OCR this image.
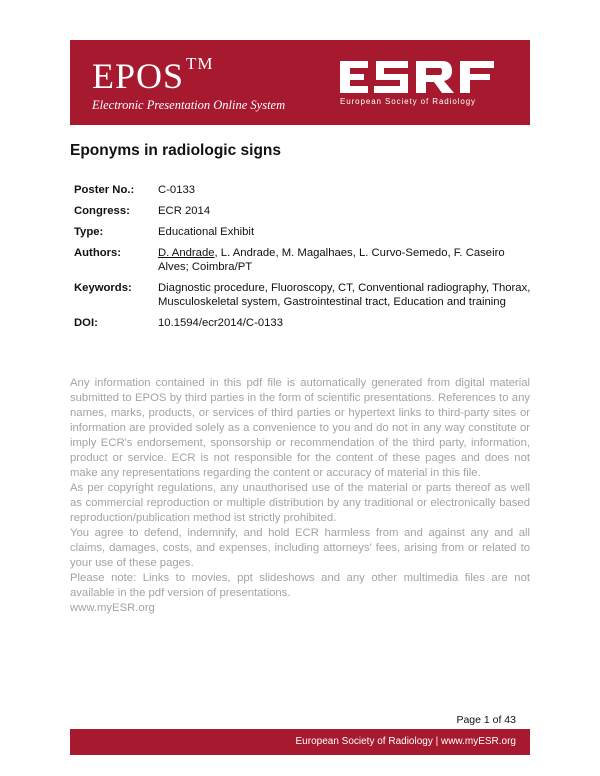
EPOS ™
Electronic Presentation Online System	European Society of Radiology
Eponyms in radiologic signs
Poster No.:	C-0133
Congress:	ECR 2014
Type:	Educational Exhibit
Authors:	D. Andrade, L. Andrade, M. Magalhaes, L. Curvo-Semedo, F. Caseiro Alves; Coimbra/PT
Keywords:	Diagnostic procedure, Fluoroscopy, CT, Conventional radiography, Thorax, Musculoskeletal system, Gastrointestinal tract, Education and training
DOI:	10.1594/ecr2014/C-0133

Any information contained in this pdf file is automatically generated from digital material submitted to EPOS by third parties in the form of scientific presentations. References to any names, marks, products, or services of third parties or hypertext links to third-party sites or information are provided solely as a convenience to you and do not in any way constitute or imply ECR's endorsement, sponsorship or recommendation of the third party, information, product or service. ECR is not responsible for the content of these pages and does not make any representations regarding the content or accuracy of material in this file.

As per copyright regulations, any unauthorised use of the material or parts thereof as well as commercial reproduction or multiple distribution by any traditional or electronically based reproduction/publication method ist strictly prohibited.

You agree to defend, indemnify, and hold ECR harmless from and against any and all claims, damages, costs, and expenses, including attorneys' fees, arising from or related to your use of these pages.

Please note: Links to movies, ppt slideshows and any other multimedia files are not available in the pdf version of presentations.

www.myESR.org

Page 1 of 43
European Society of Radiology | www.myESR.org
